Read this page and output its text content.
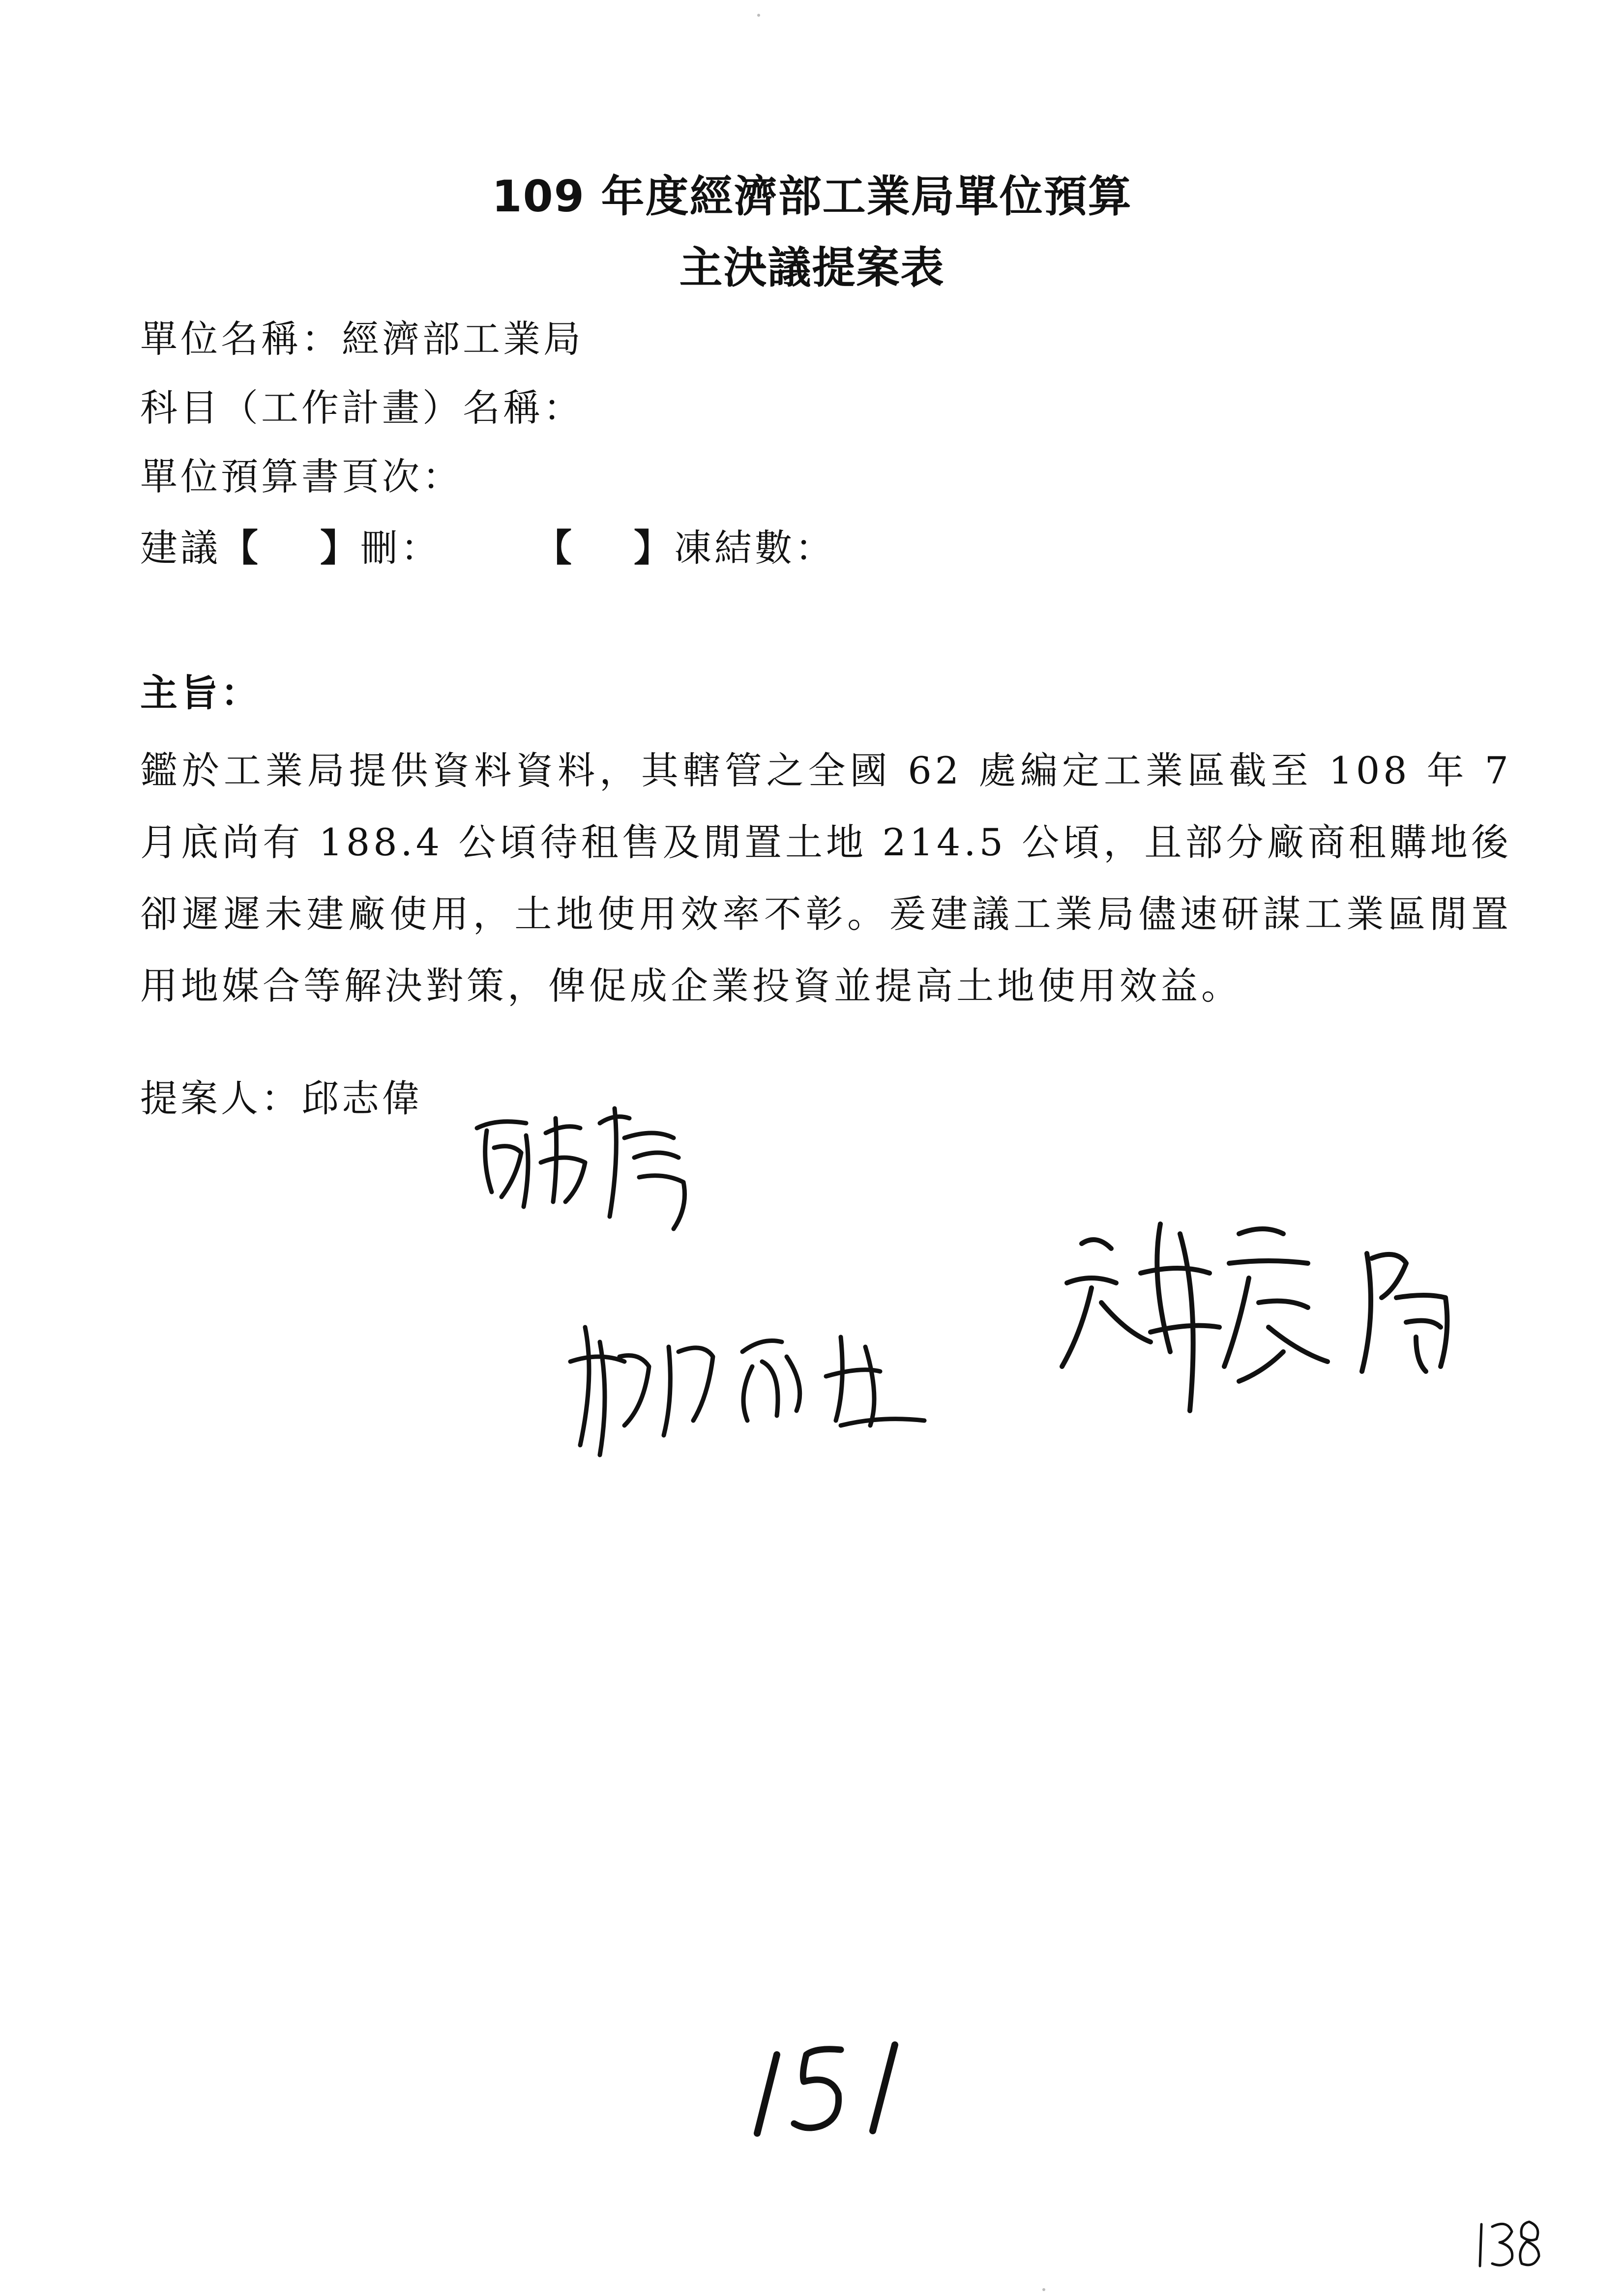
109 年度經濟部工業局單位預算
主決議提案表
單位名稱：經濟部工業局
科目（工作計畫）名稱：
單位預算書頁次：
建議【 】刪：	【 】凍結數：
主旨：
鑑於工業局提供資料資料，其轄管之全國 62 處編定工業區截至 108 年 7 月底尚有 188.4 公頃待租售及閒置土地 214.5 公頃，且部分廠商租購地後卻遲遲未建廠使用，土地使用效率不彰。爰建議工業局儘速研謀工業區閒置用地媒合等解決對策，俾促成企業投資並提高土地使用效益。
提案人：邱志偉
